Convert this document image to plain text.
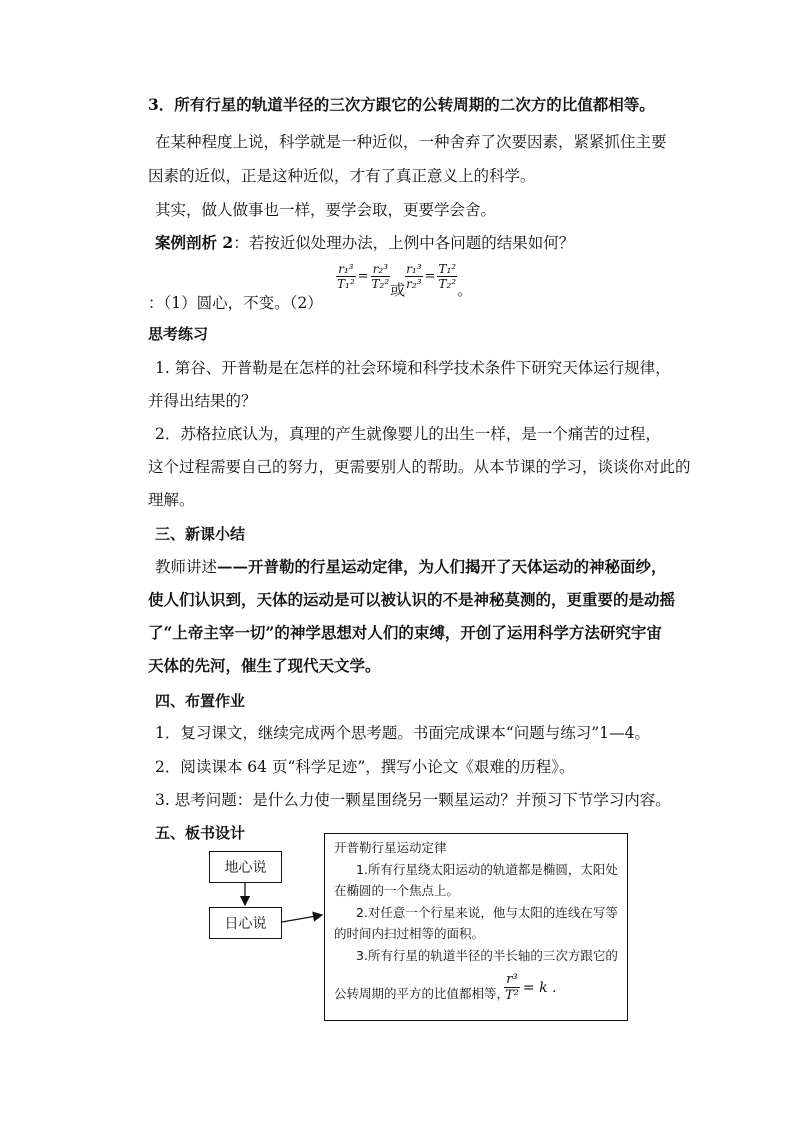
3．所有行星的轨道半径的三次方跟它的公转周期的二次方的比值都相等。
在某种程度上说，科学就是一种近似，一种舍弃了次要因素，紧紧抓住主要
因素的近似，正是这种近似，才有了真正意义上的科学。
其实，做人做事也一样，要学会取，更要学会舍。
案例剖析 2：若按近似处理办法，上例中各问题的结果如何？
：（1）圆心，不变。（2）
$\frac{\text{r₁³}}{\text{T₁²}} = \frac{\text{r₂³}}{\text{T₂²}}$ 或 $\frac{\text{r₁³}}{\text{r₂³}} = \frac{\text{T₁²}}{\text{T₂²}}$ 。
思考练习
1. 第谷、开普勒是在怎样的社会环境和科学技术条件下研究天体运行规律，
并得出结果的？
2．苏格拉底认为，真理的产生就像婴儿的出生一样，是一个痛苦的过程，
这个过程需要自己的努力，更需要别人的帮助。从本节课的学习，谈谈你对此的
理解。
三、新课小结
教师讲述——开普勒的行星运动定律，为人们揭开了天体运动的神秘面纱，
使人们认识到，天体的运动是可以被认识的不是神秘莫测的，更重要的是动摇
了“上帝主宰一切”的神学思想对人们的束缚，开创了运用科学方法研究宇宙
天体的先河，催生了现代天文学。
四、布置作业
1．复习课文，继续完成两个思考题。书面完成课本“问题与练习”1—4。
2．阅读课本 64 页“科学足迹”，撰写小论文《艰难的历程》。
3. 思考问题：是什么力使一颗星围绕另一颗星运动？并预习下节学习内容。
五、板书设计
地心说
日心说
开普勒行星运动定律
1.所有行星绕太阳运动的轨道都是椭圆，太阳处
在椭圆的一个焦点上。
2.对任意一个行星来说，他与太阳的连线在写等
的时间内扫过相等的面积。
3.所有行星的轨道半径的半长轴的三次方跟它的
公转周期的平方的比值都相等，
$\frac{\text{r³}}{\text{T²}} = k$ .
